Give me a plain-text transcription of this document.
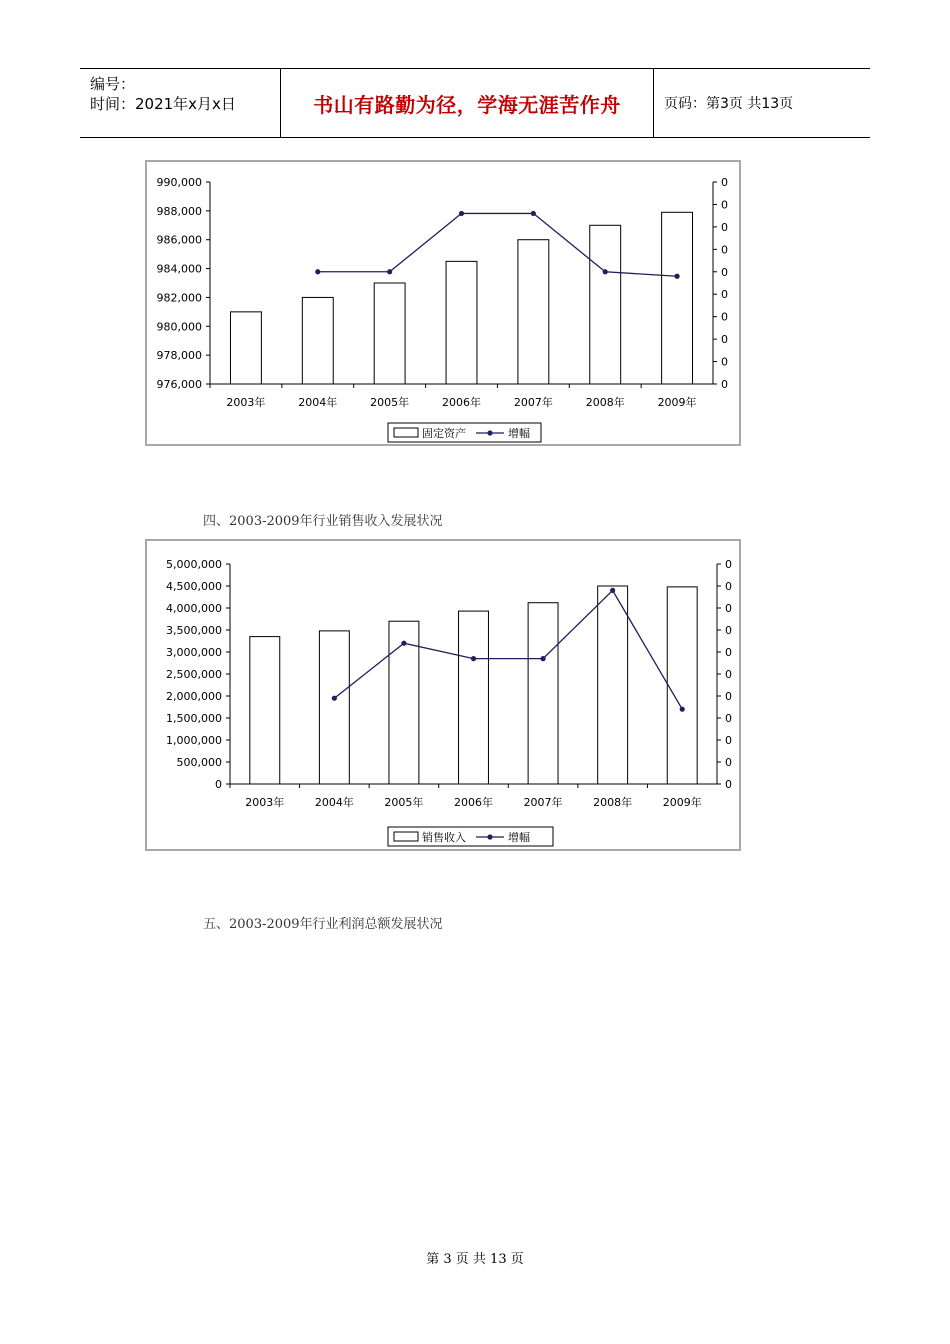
编号：
时间：2021年x月x日	书山有路勤为径，学海无涯苦作舟	页码：第3页 共13页
990,000
988,000
986,000
984,000
982,000
980,000
978,000
976,000
0
0
0
0
0
0
0
0
0
0
2003年	2004年	2005年	2006年	2007年	2008年	2009年
固定资产	增幅
四、2003-2009年行业销售收入发展状况
5,000,000
4,500,000
4,000,000
3,500,000
3,000,000
2,500,000
2,000,000
1,500,000
1,000,000
500,000
0
0
0
0
0
0
0
0
0
0
0
0
2003年	2004年	2005年	2006年	2007年	2008年	2009年
销售收入	增幅
五、2003-2009年行业利润总额发展状况
第 3 页 共 13 页
